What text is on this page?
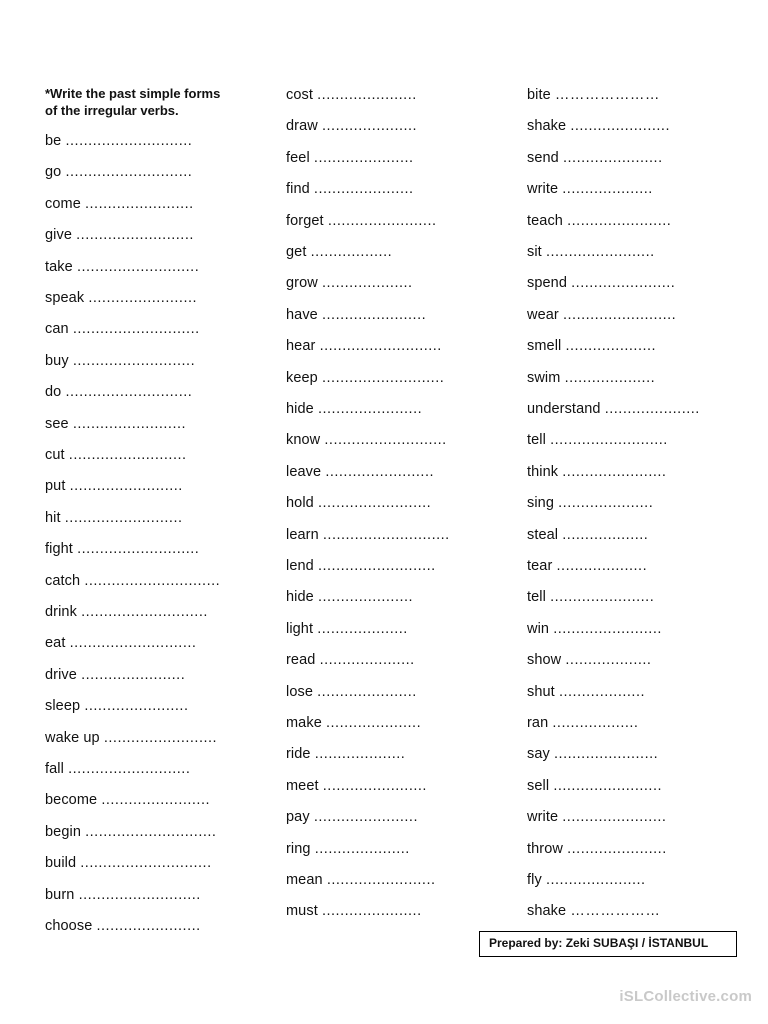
*Write the past simple forms
of the irregular verbs.
be ............................
go ............................
come ........................
give ..........................
take ...........................
speak ........................
can ............................
buy ...........................
do ............................
see .........................
cut ..........................
put .........................
hit ..........................
fight ...........................
catch ..............................
drink ............................
eat ............................
drive .......................
sleep .......................
wake up .........................
fall ...........................
become ........................
begin .............................
build .............................
burn ...........................
choose .......................
cost ......................
draw .....................
feel ......................
find ......................
forget ........................
get ..................
grow ....................
have .......................
hear ...........................
keep ...........................
hide .......................
know ...........................
leave ........................
hold .........................
learn ............................
lend ..........................
hide .....................
light ....................
read .....................
lose ......................
make .....................
ride ....................
meet .......................
pay .......................
ring .....................
mean ........................
must ......................
bite …………………
shake ......................
send ......................
write ....................
teach .......................
sit ........................
spend .......................
wear .........................
smell ....................
swim ....................
understand .....................
tell ..........................
think .......................
sing .....................
steal ...................
tear ....................
tell .......................
win ........................
show ...................
shut ...................
ran ...................
say .......................
sell ........................
write .......................
throw ......................
fly ......................
shake ………………
Prepared by: Zeki SUBAŞI / İSTANBUL
iSLCollective.com
